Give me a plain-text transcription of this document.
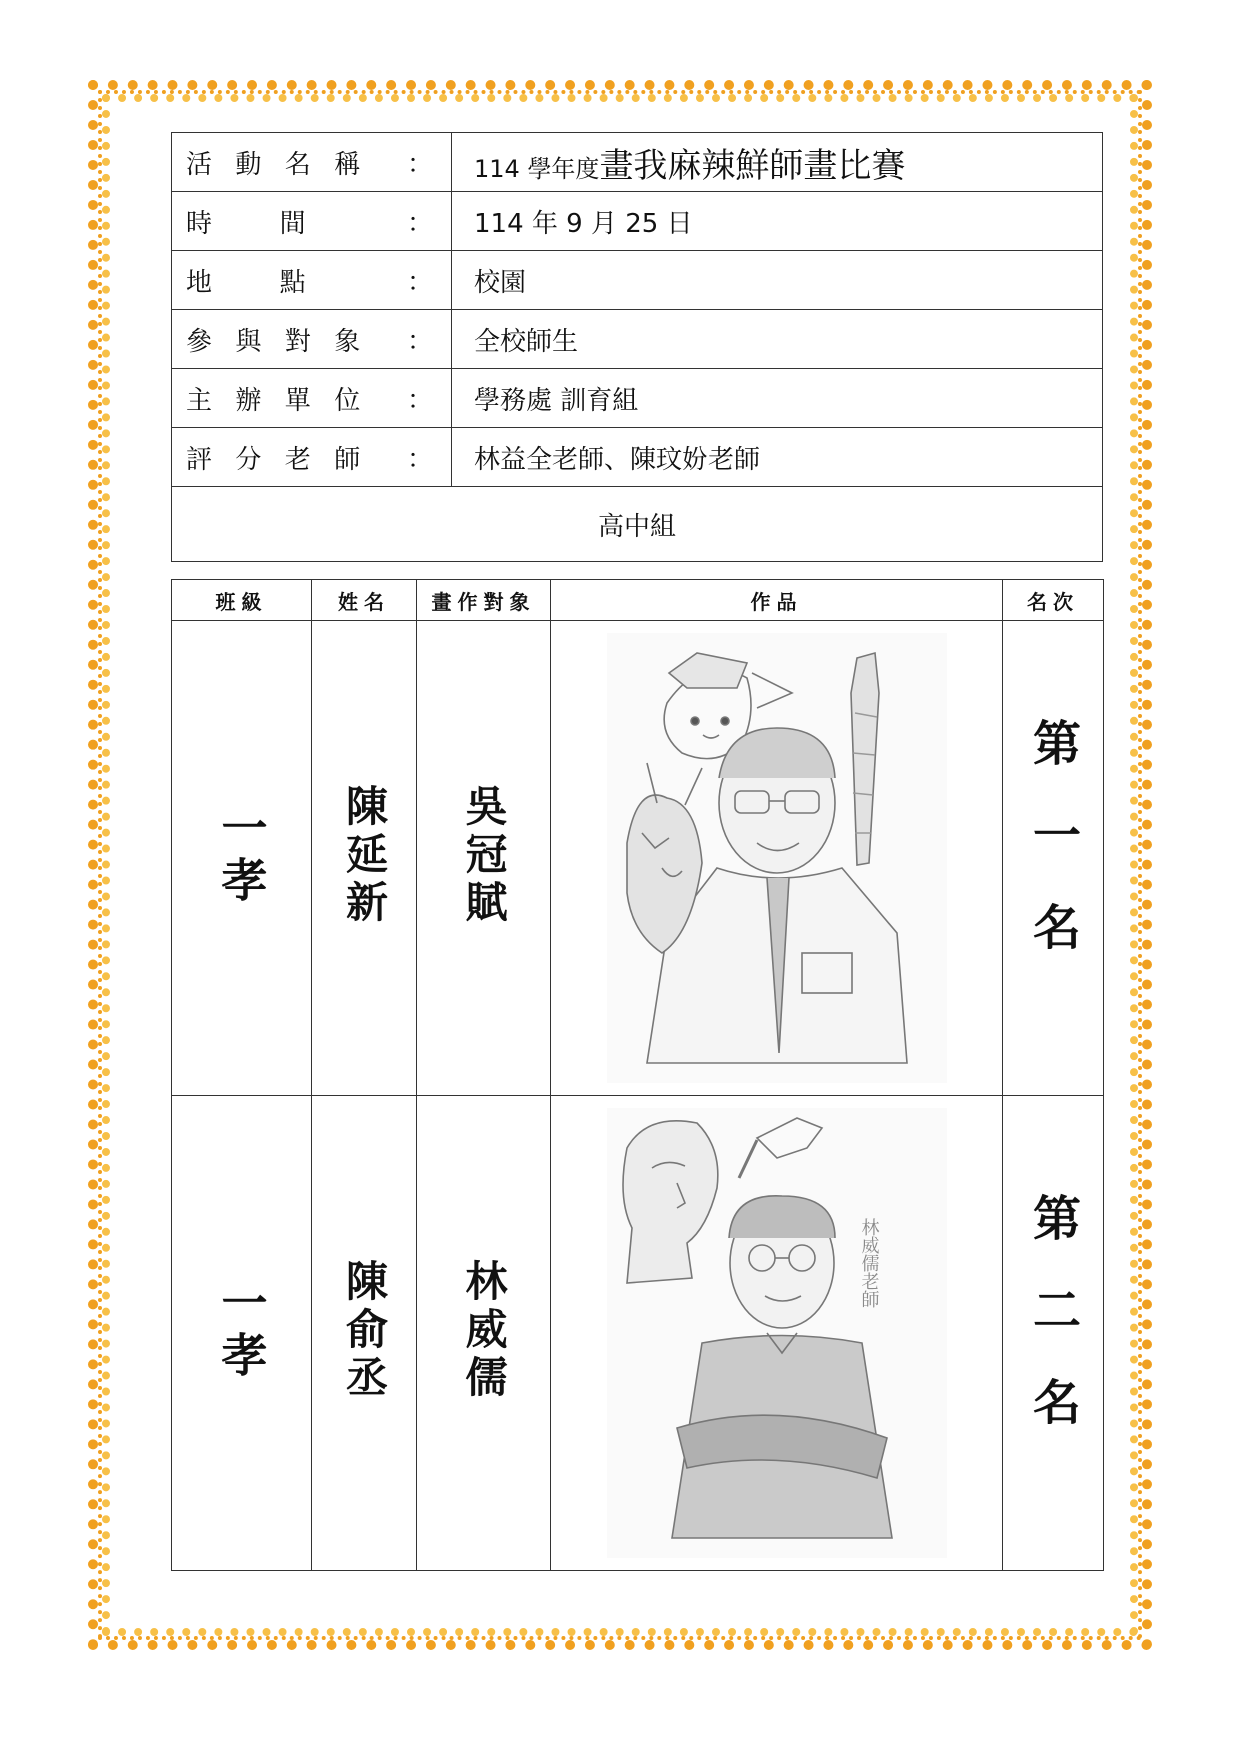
活動名稱 ：	114 學年度畫我麻辣鮮師畫比賽
時間 ：	114 年 9 月 25 日
地點 ：	校園
參與對象 ：	全校師生
主辦單位 ：	學務處 訓育組
評分老師 ：	林益全老師、陳玟妢老師
高中組	
班級	姓名	畫作對象	作品	名次
一孝	陳延新	吳冠賦		第一名
一孝	陳俞丞	林威儒	林威儒老師	第二名
